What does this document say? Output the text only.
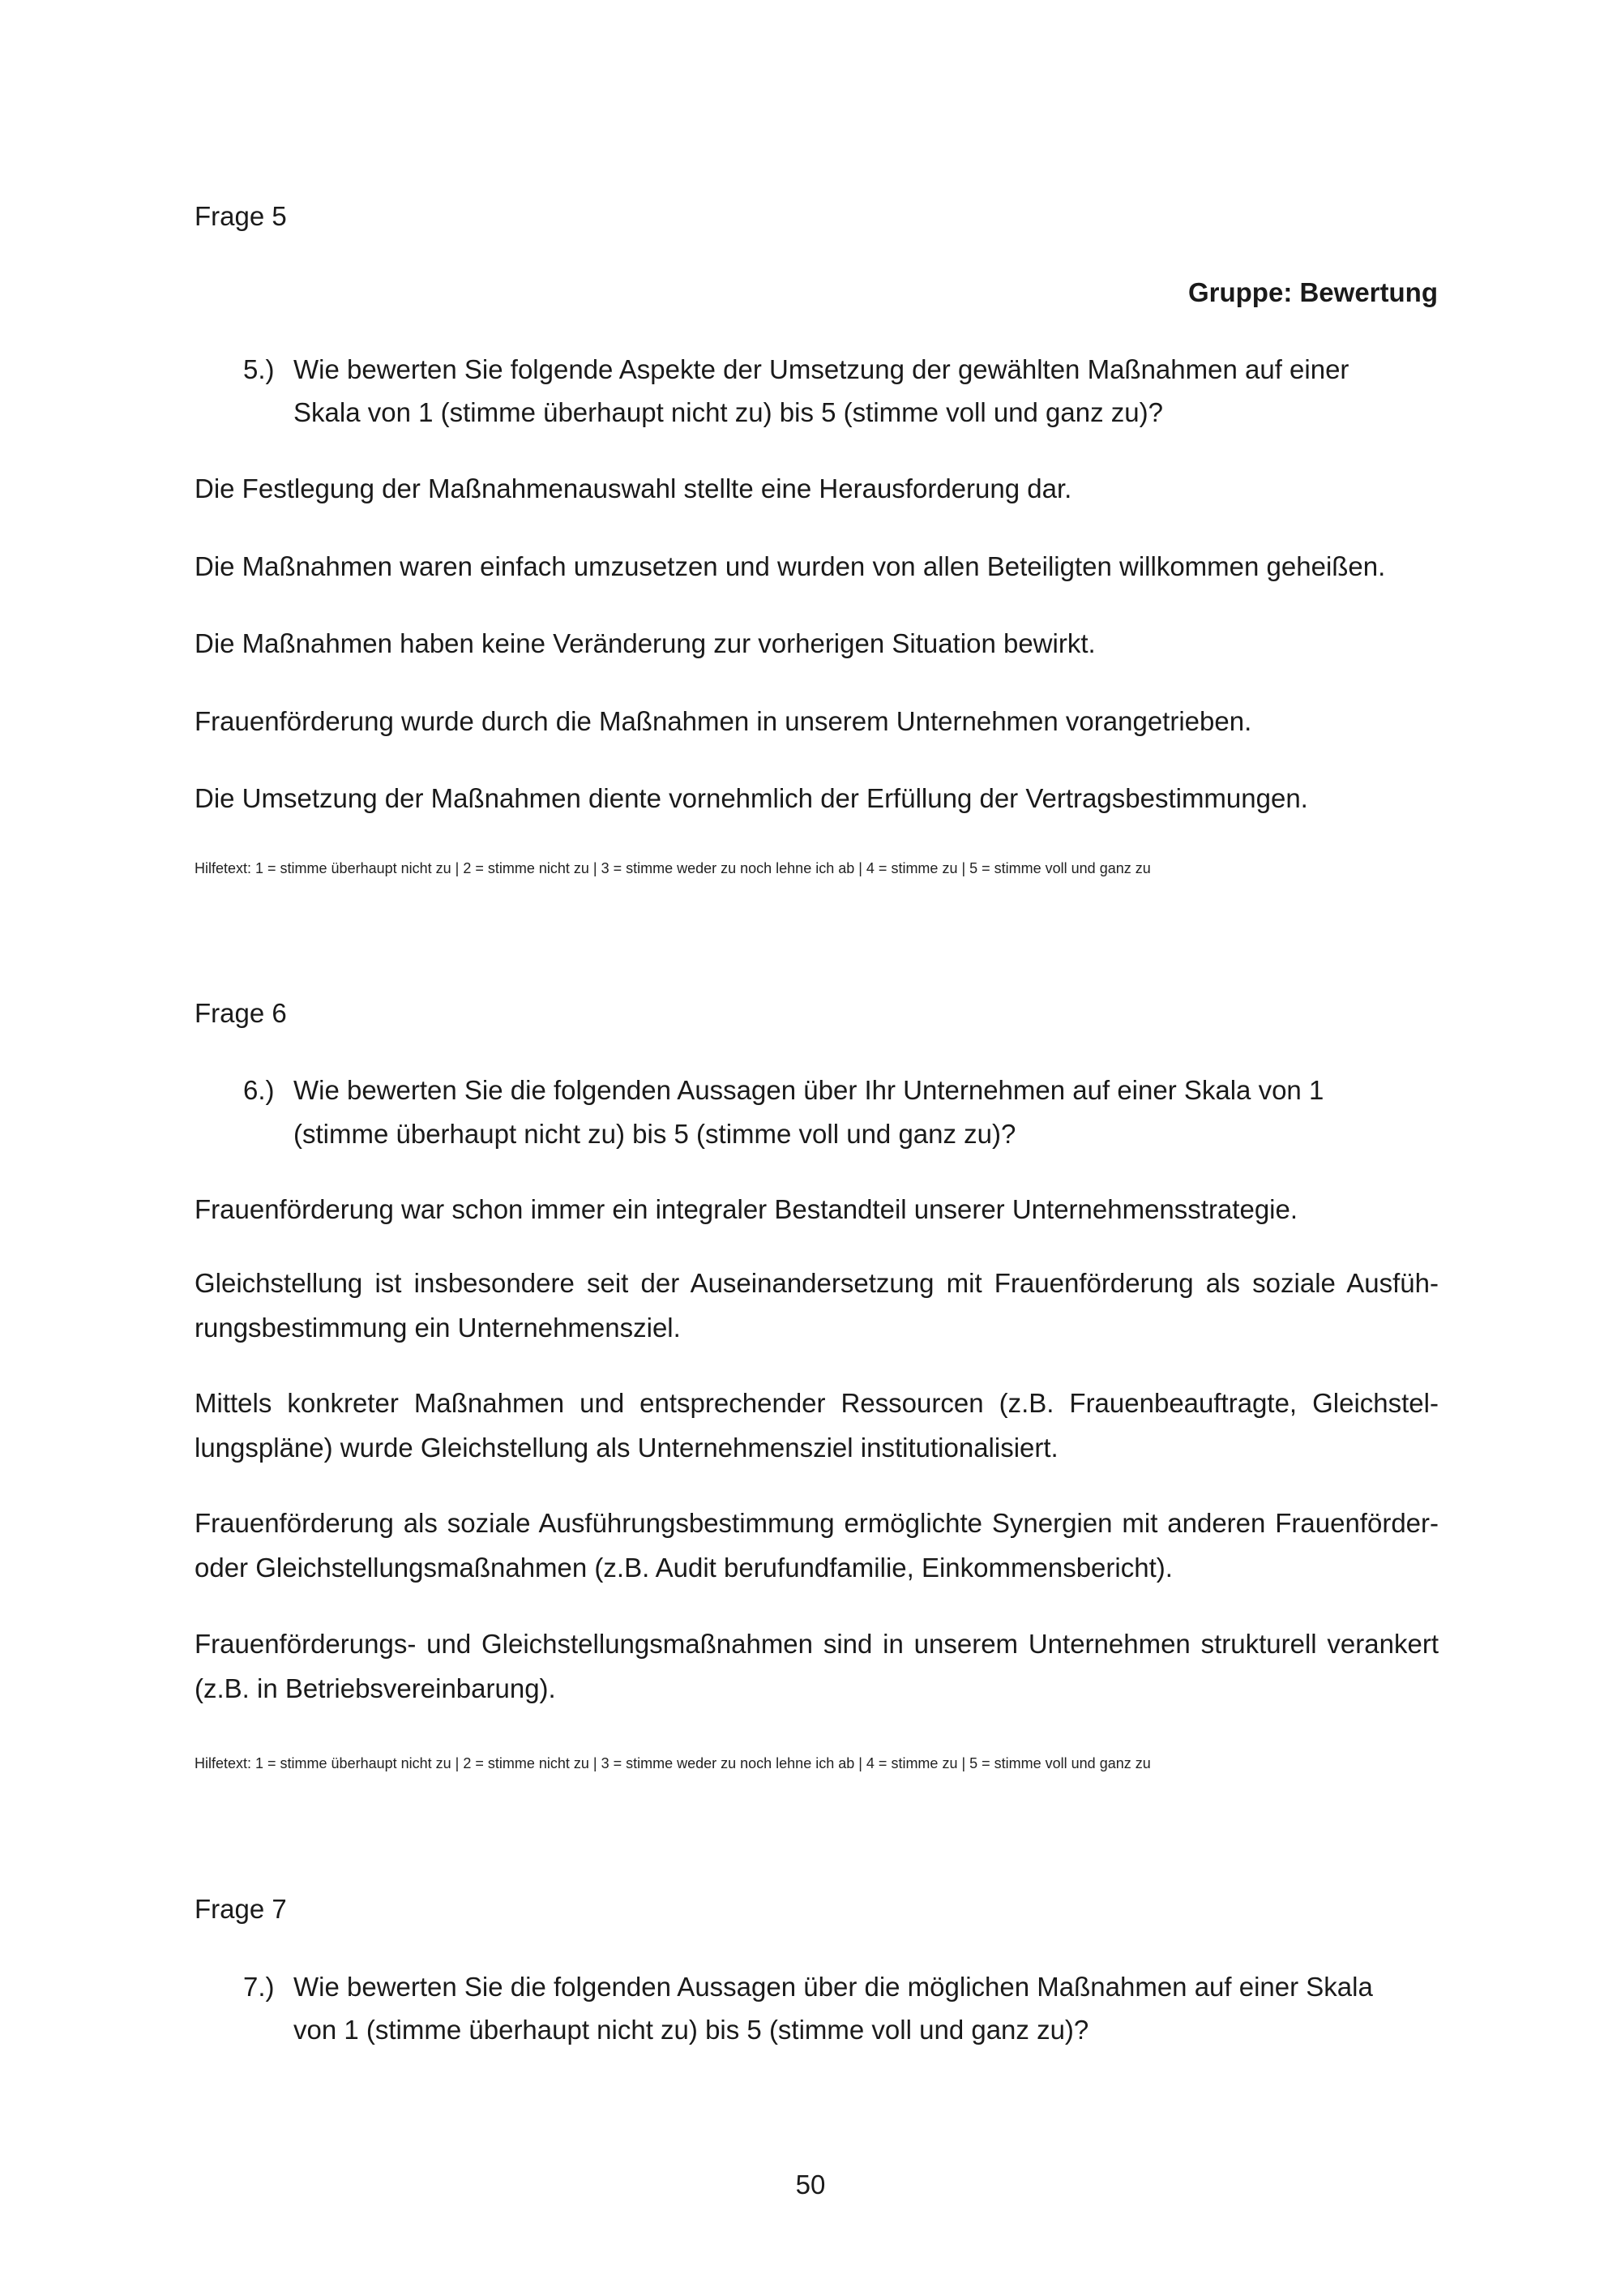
Frage 5
Gruppe: Bewertung
5.) Wie bewerten Sie folgende Aspekte der Umsetzung der gewählten Maßnahmen auf einer
Skala von 1 (stimme überhaupt nicht zu) bis 5 (stimme voll und ganz zu)?
Die Festlegung der Maßnahmenauswahl stellte eine Herausforderung dar.
Die Maßnahmen waren einfach umzusetzen und wurden von allen Beteiligten willkommen geheißen.
Die Maßnahmen haben keine Veränderung zur vorherigen Situation bewirkt.
Frauenförderung wurde durch die Maßnahmen in unserem Unternehmen vorangetrieben.
Die Umsetzung der Maßnahmen diente vornehmlich der Erfüllung der Vertragsbestimmungen.
Hilfetext: 1 = stimme überhaupt nicht zu | 2 = stimme nicht zu | 3 = stimme weder zu noch lehne ich ab | 4 = stimme zu | 5 = stimme voll und ganz zu
Frage 6
6.) Wie bewerten Sie die folgenden Aussagen über Ihr Unternehmen auf einer Skala von 1
(stimme überhaupt nicht zu) bis 5 (stimme voll und ganz zu)?
Frauenförderung war schon immer ein integraler Bestandteil unserer Unternehmensstrategie.
Gleichstellung ist insbesondere seit der Auseinandersetzung mit Frauenförderung als soziale Ausführungsbestimmung ein Unternehmensziel.
Mittels konkreter Maßnahmen und entsprechender Ressourcen (z.B. Frauenbeauftragte, Gleichstellungspläne) wurde Gleichstellung als Unternehmensziel institutionalisiert.
Frauenförderung als soziale Ausführungsbestimmung ermöglichte Synergien mit anderen Frauenförder- oder Gleichstellungsmaßnahmen (z.B. Audit berufundfamilie, Einkommensbericht).
Frauenförderungs- und Gleichstellungsmaßnahmen sind in unserem Unternehmen strukturell verankert (z.B. in Betriebsvereinbarung).
Hilfetext: 1 = stimme überhaupt nicht zu | 2 = stimme nicht zu | 3 = stimme weder zu noch lehne ich ab | 4 = stimme zu | 5 = stimme voll und ganz zu
Frage 7
7.) Wie bewerten Sie die folgenden Aussagen über die möglichen Maßnahmen auf einer Skala
von 1 (stimme überhaupt nicht zu) bis 5 (stimme voll und ganz zu)?
50
